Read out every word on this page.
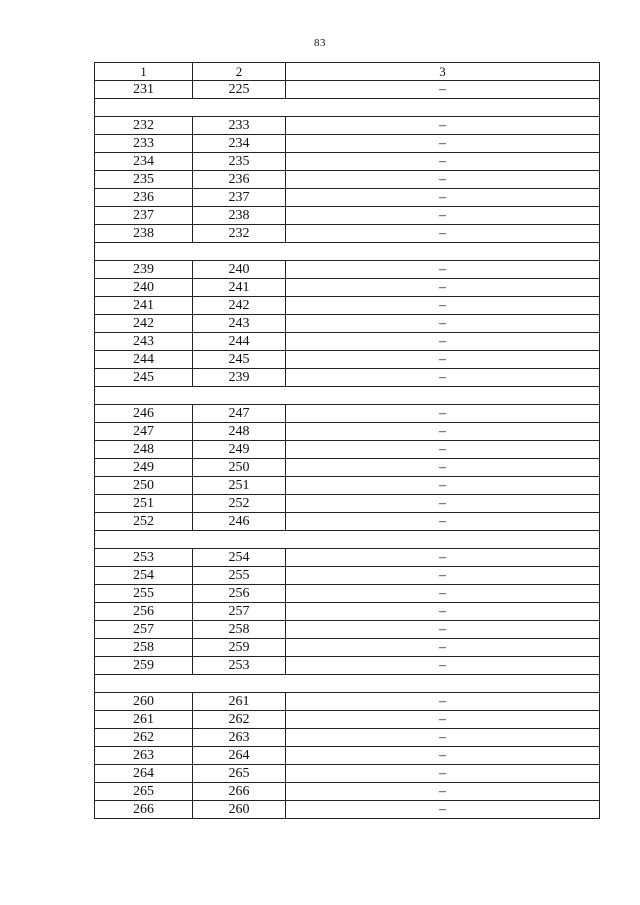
83
1	2	3
231	225	–

232	233	–
233	234	–
234	235	–
235	236	–
236	237	–
237	238	–
238	232	–

239	240	–
240	241	–
241	242	–
242	243	–
243	244	–
244	245	–
245	239	–

246	247	–
247	248	–
248	249	–
249	250	–
250	251	–
251	252	–
252	246	–

253	254	–
254	255	–
255	256	–
256	257	–
257	258	–
258	259	–
259	253	–

260	261	–
261	262	–
262	263	–
263	264	–
264	265	–
265	266	–
266	260	–
